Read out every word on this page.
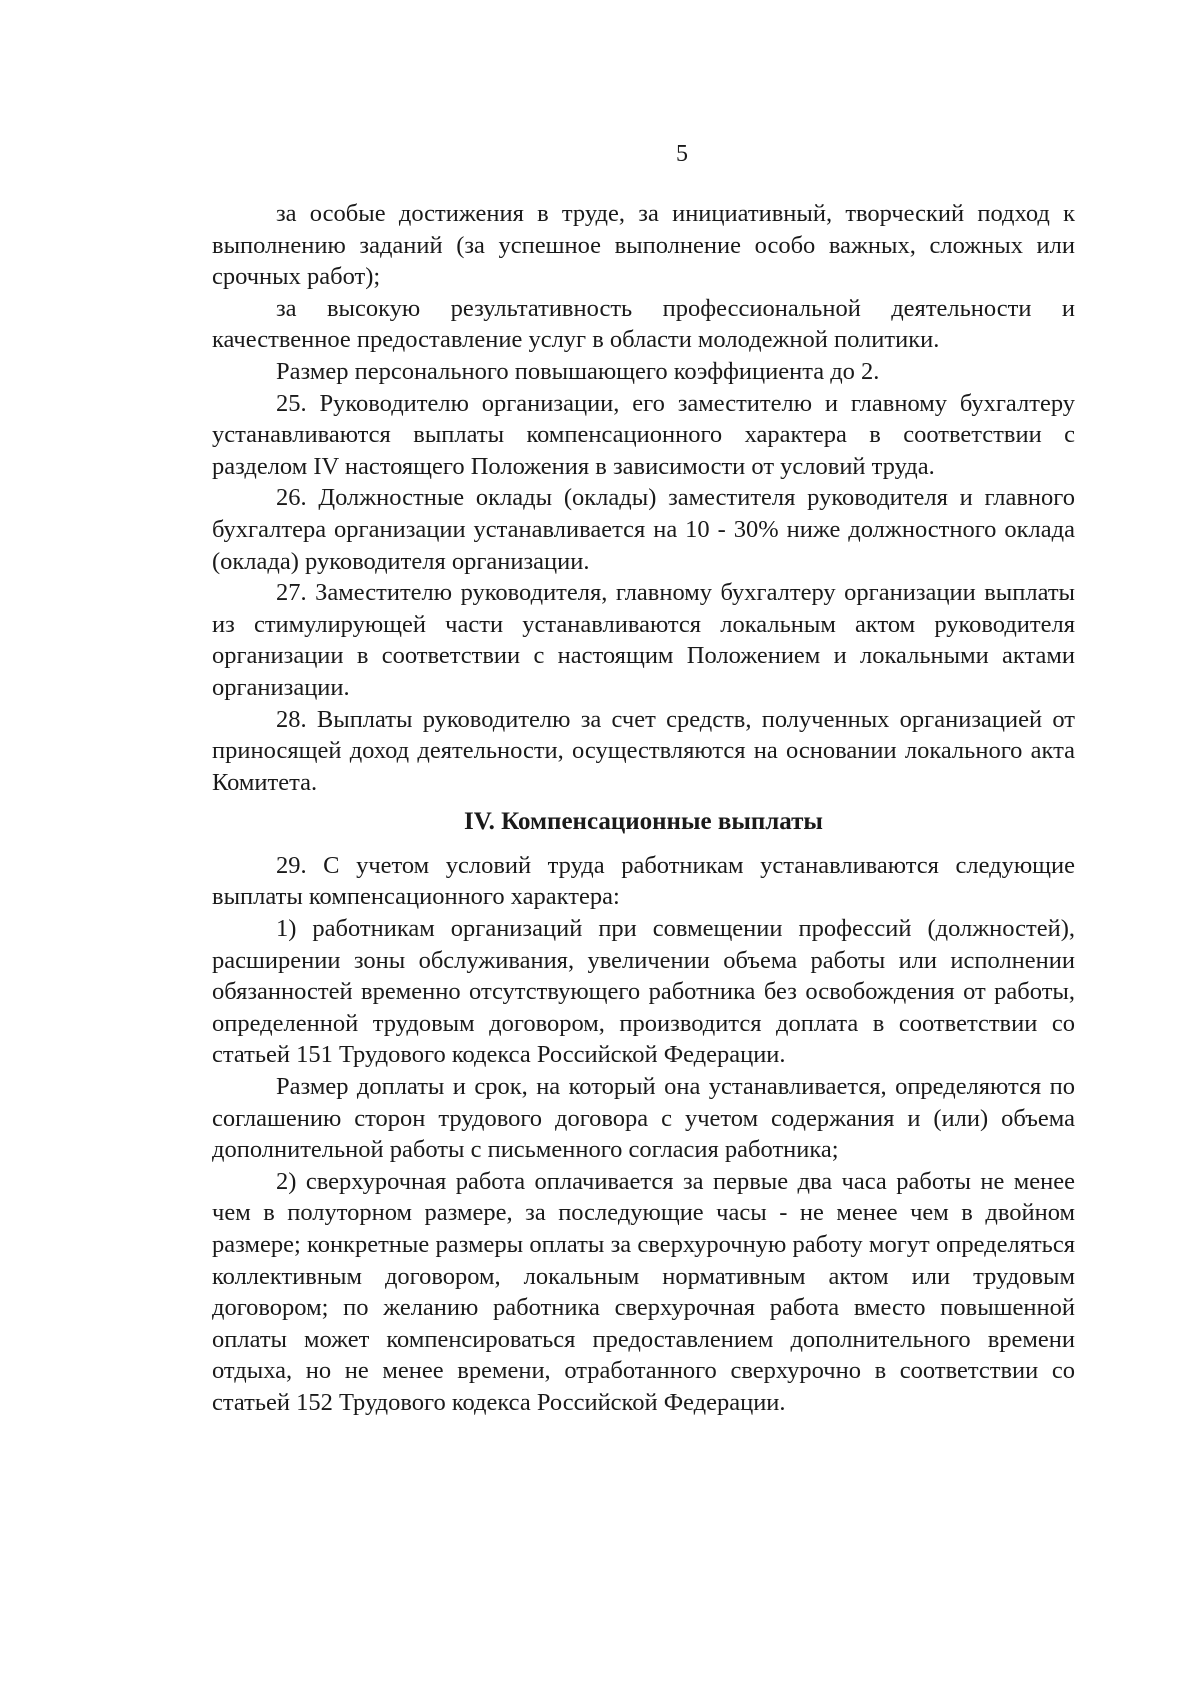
5

за особые достижения в труде, за инициативный, творческий подход к выполнению заданий (за успешное выполнение особо важных, сложных или срочных работ);

за высокую результативность профессиональной деятельности и качественное предоставление услуг в области молодежной политики.

Размер персонального повышающего коэффициента до 2.

25. Руководителю организации, его заместителю и главному бухгалтеру устанавливаются выплаты компенсационного характера в соответствии с разделом IV настоящего Положения в зависимости от условий труда.

26. Должностные оклады (оклады) заместителя руководителя и главного бухгалтера организации устанавливается на 10 - 30% ниже должностного оклада (оклада) руководителя организации.

27. Заместителю руководителя, главному бухгалтеру организации выплаты из стимулирующей части устанавливаются локальным актом руководителя организации в соответствии с настоящим Положением и локальными актами организации.

28. Выплаты руководителю за счет средств, полученных организацией от приносящей доход деятельности, осуществляются на основании локального акта Комитета.

IV. Компенсационные выплаты

29. С учетом условий труда работникам устанавливаются следующие выплаты компенсационного характера:

1) работникам организаций при совмещении профессий (должностей), расширении зоны обслуживания, увеличении объема работы или исполнении обязанностей временно отсутствующего работника без освобождения от работы, определенной трудовым договором, производится доплата в соответствии со статьей 151 Трудового кодекса Российской Федерации.

Размер доплаты и срок, на который она устанавливается, определяются по соглашению сторон трудового договора с учетом содержания и (или) объема дополнительной работы с письменного согласия работника;

2) сверхурочная работа оплачивается за первые два часа работы не менее чем в полуторном размере, за последующие часы - не менее чем в двойном размере; конкретные размеры оплаты за сверхурочную работу могут определяться коллективным договором, локальным нормативным актом или трудовым договором; по желанию работника сверхурочная работа вместо повышенной оплаты может компенсироваться предоставлением дополнительного времени отдыха, но не менее времени, отработанного сверхурочно в соответствии со статьей 152 Трудового кодекса Российской Федерации.
